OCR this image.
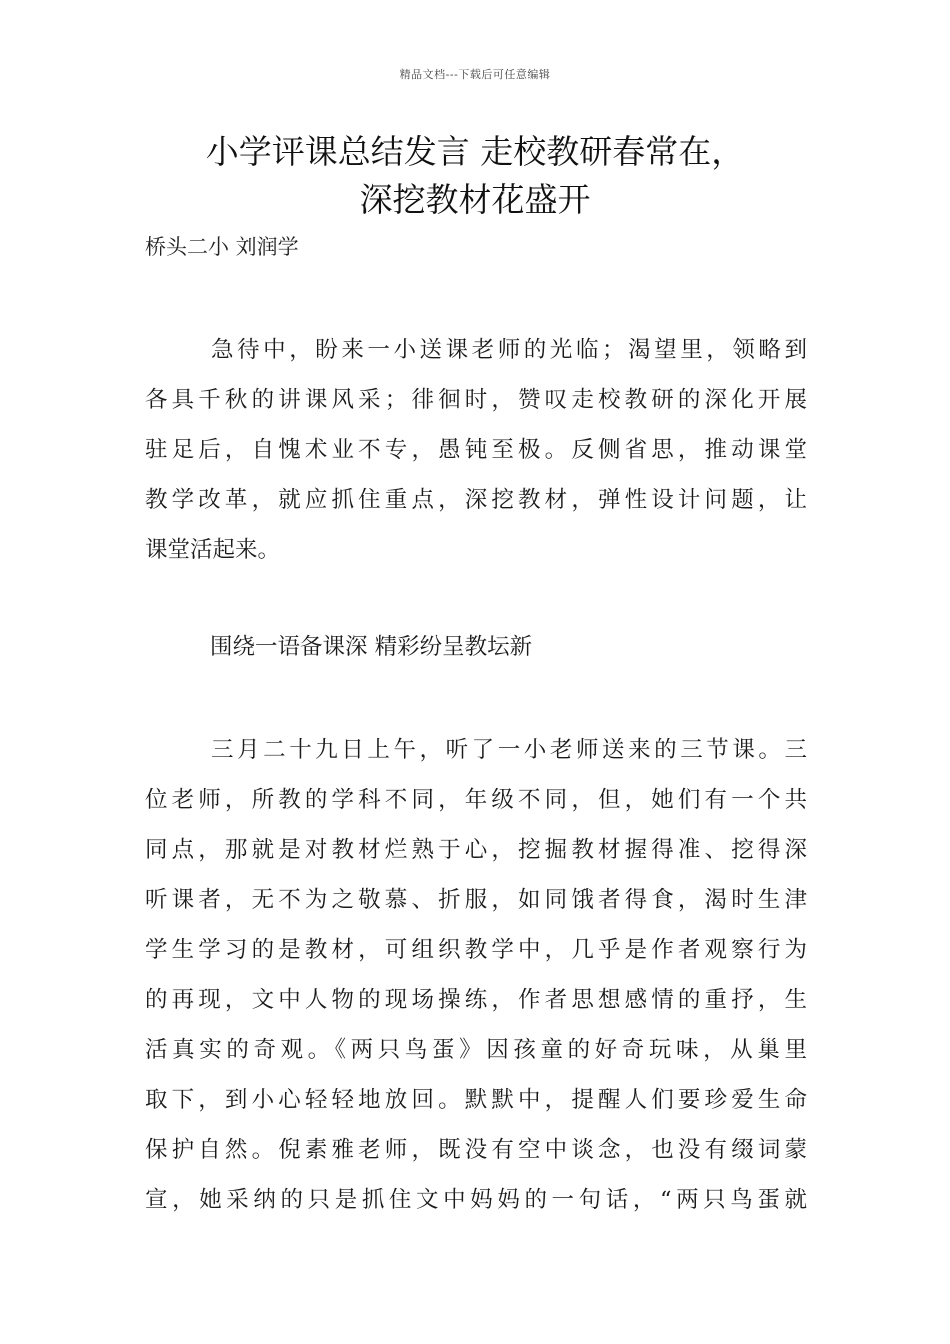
精品文档---下载后可任意编辑
小学评课总结发言 走校教研春常在，
深挖教材花盛开
桥头二小 刘润学
急待中，盼来一小送课老师的光临；渴望里，领略到
各具千秋的讲课风采；徘徊时，赞叹走校教研的深化开展
驻足后，自愧术业不专，愚钝至极。反侧省思，推动课堂
教学改革，就应抓住重点，深挖教材，弹性设计问题，让
课堂活起来。
围绕一语备课深 精彩纷呈教坛新
三月二十九日上午，听了一小老师送来的三节课。三
位老师，所教的学科不同，年级不同，但，她们有一个共
同点，那就是对教材烂熟于心，挖掘教材握得准、挖得深
听课者，无不为之敬慕、折服，如同饿者得食，渴时生津
学生学习的是教材，可组织教学中，几乎是作者观察行为
的再现，文中人物的现场操练，作者思想感情的重抒，生
活真实的奇观。《两只鸟蛋》因孩童的好奇玩味，从巢里
取下，到小心轻轻地放回。默默中，提醒人们要珍爱生命
保护自然。倪素雅老师，既没有空中谈念，也没有缀词蒙
宣，她采纳的只是抓住文中妈妈的一句话，“两只鸟蛋就
